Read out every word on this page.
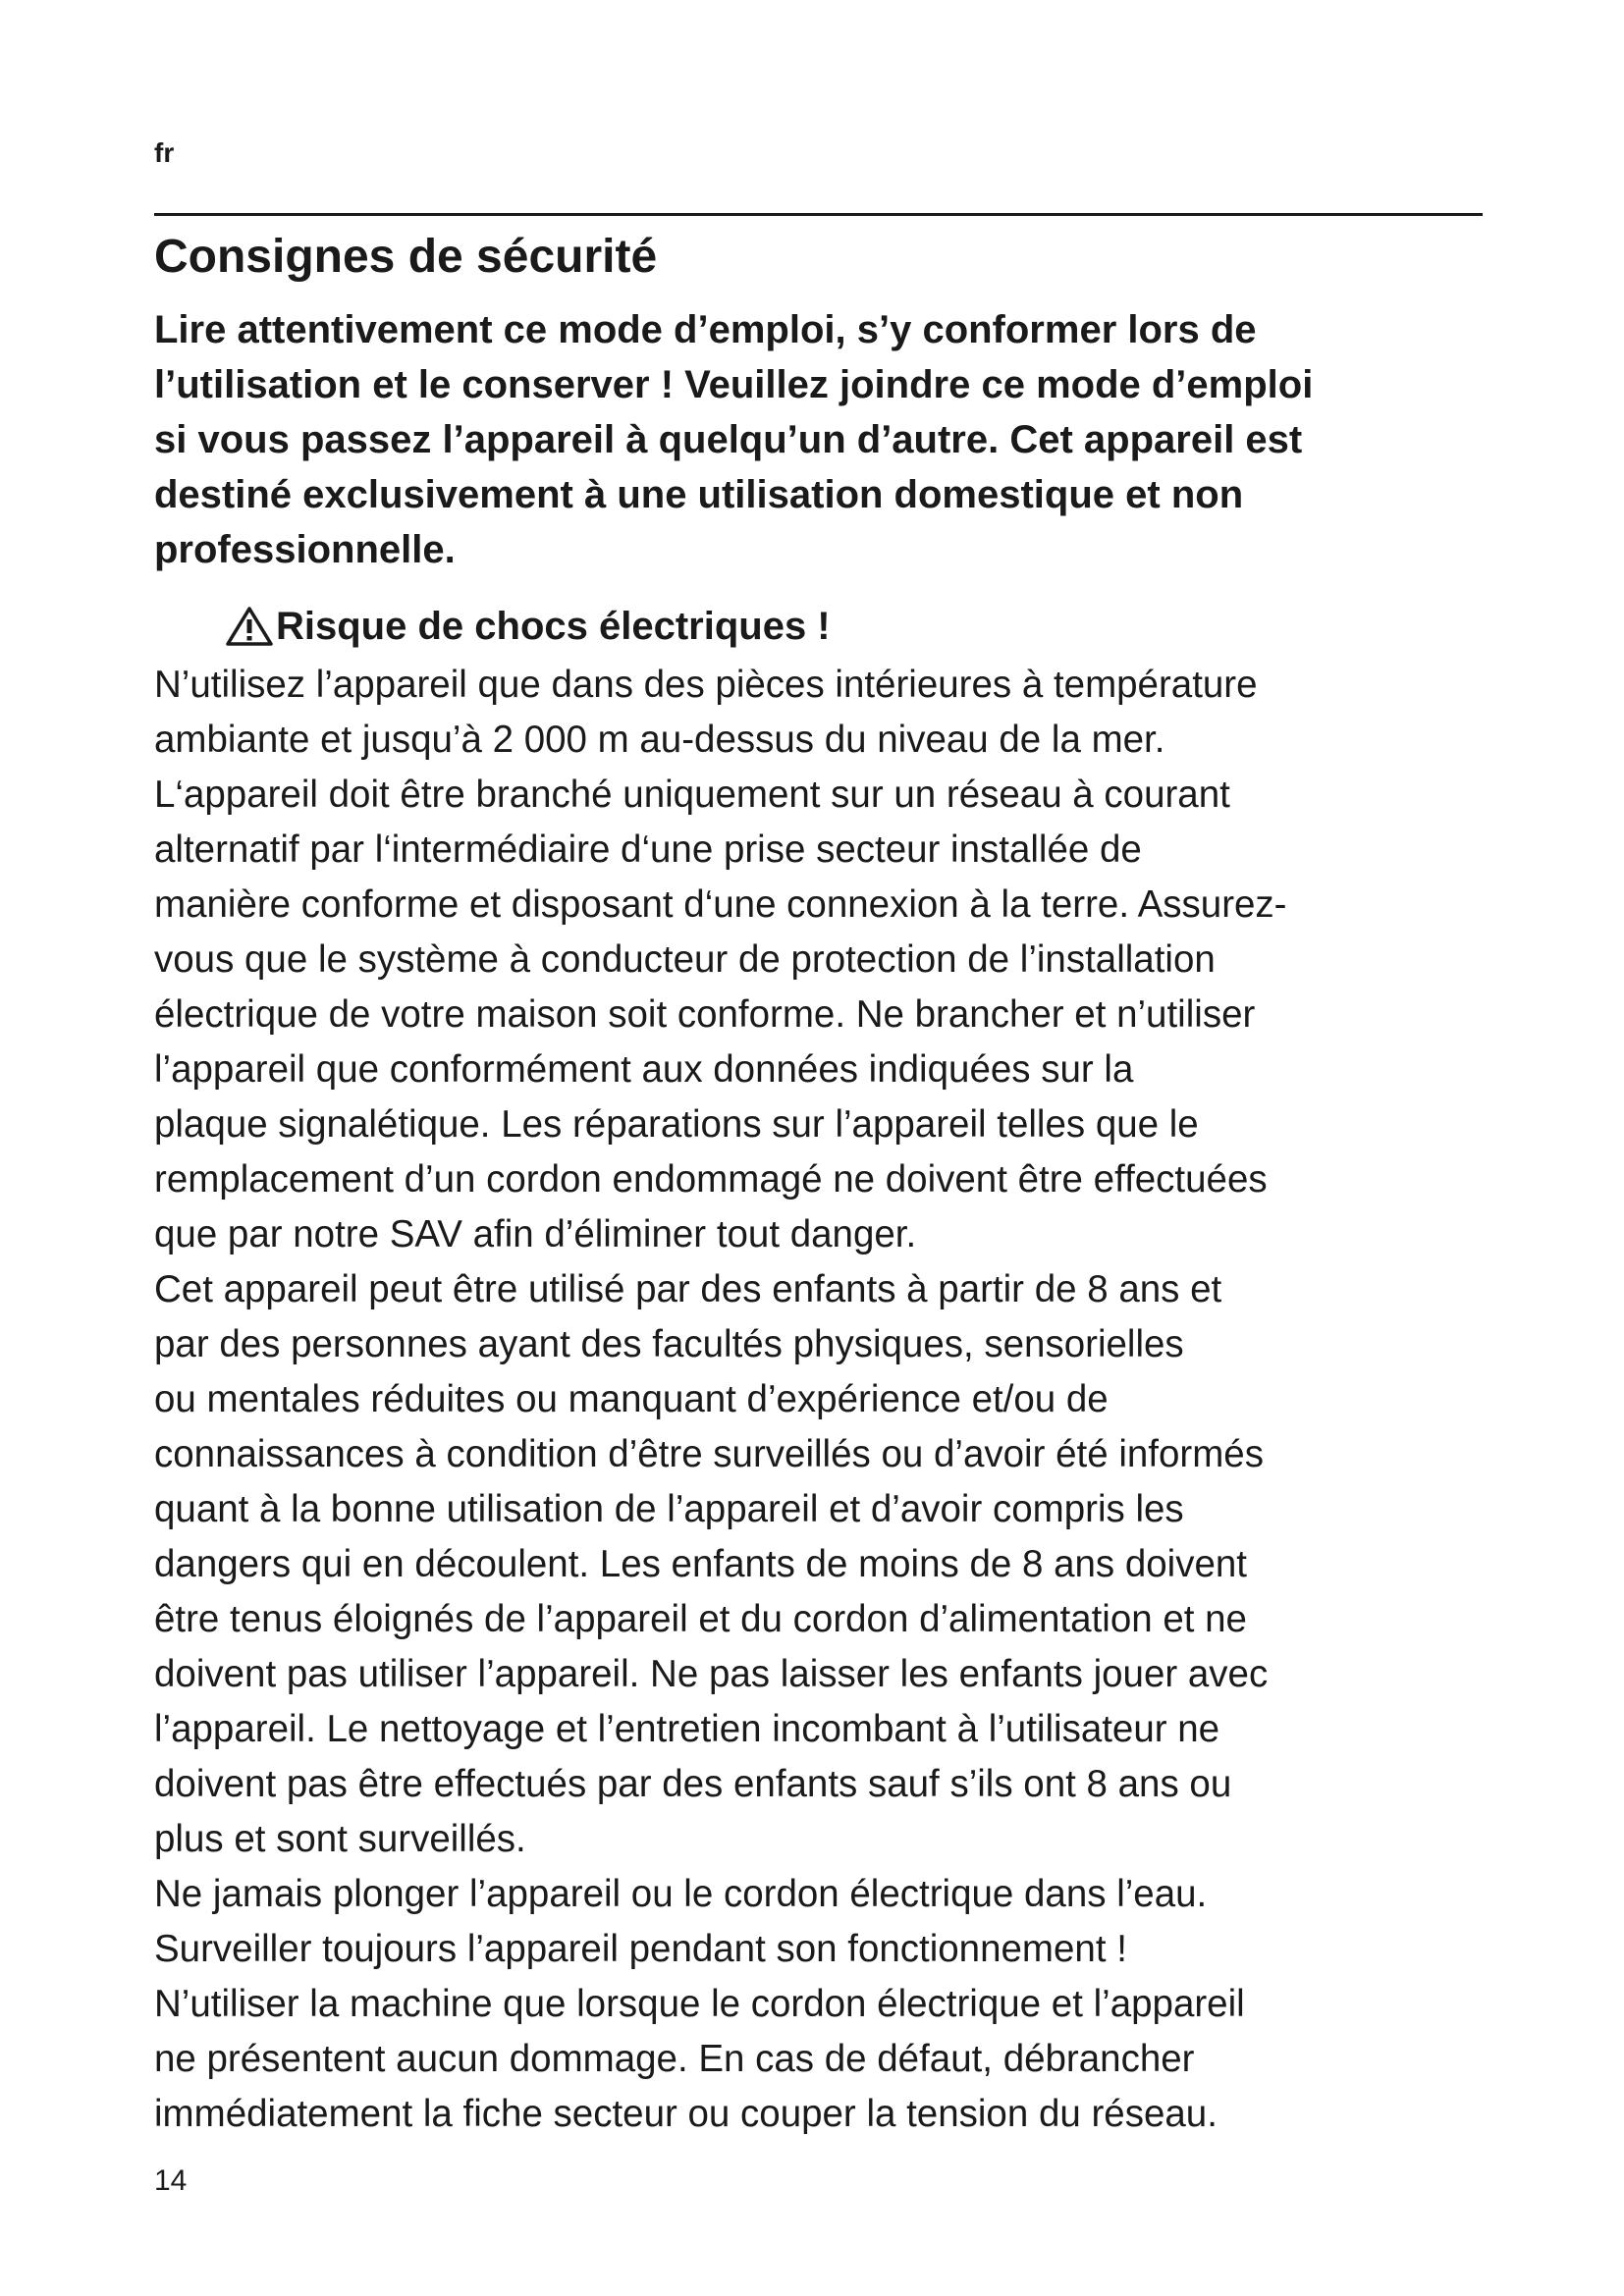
fr
Consignes de sécurité
Lire attentivement ce mode d’emploi, s’y conformer lors de
l’utilisation et le conserver ! Veuillez joindre ce mode d’emploi
si vous passez l’appareil à quelqu’un d’autre. Cet appareil est
destiné exclusivement à une utilisation domestique et non
professionnelle.
Risque de chocs électriques !

N’utilisez l’appareil que dans des pièces intérieures à température
ambiante et jusqu’à 2 000 m au-dessus du niveau de la mer.
L‘appareil doit être branché uniquement sur un réseau à courant
alternatif par l‘intermédiaire d‘une prise secteur installée de
manière conforme et disposant d‘une connexion à la terre. Assurez-
vous que le système à conducteur de protection de l’installation
électrique de votre maison soit conforme. Ne brancher et n’utiliser
l’appareil que conformément aux données indiquées sur la
plaque signalétique. Les réparations sur l’appareil telles que le
remplacement d’un cordon endommagé ne doivent être effectuées
que par notre SAV afin d’éliminer tout danger.

Cet appareil peut être utilisé par des enfants à partir de 8 ans et
par des personnes ayant des facultés physiques, sensorielles
ou mentales réduites ou manquant d’expérience et/ou de
connaissances à condition d’être surveillés ou d’avoir été informés
quant à la bonne utilisation de l’appareil et d’avoir compris les
dangers qui en découlent. Les enfants de moins de 8 ans doivent
être tenus éloignés de l’appareil et du cordon d’alimentation et ne
doivent pas utiliser l’appareil. Ne pas laisser les enfants jouer avec
l’appareil. Le nettoyage et l’entretien incombant à l’utilisateur ne
doivent pas être effectués par des enfants sauf s’ils ont 8 ans ou
plus et sont surveillés.

Ne jamais plonger l’appareil ou le cordon électrique dans l’eau.
Surveiller toujours l’appareil pendant son fonctionnement !

N’utiliser la machine que lorsque le cordon électrique et l’appareil
ne présentent aucun dommage. En cas de défaut, débrancher
immédiatement la fiche secteur ou couper la tension du réseau.

14
